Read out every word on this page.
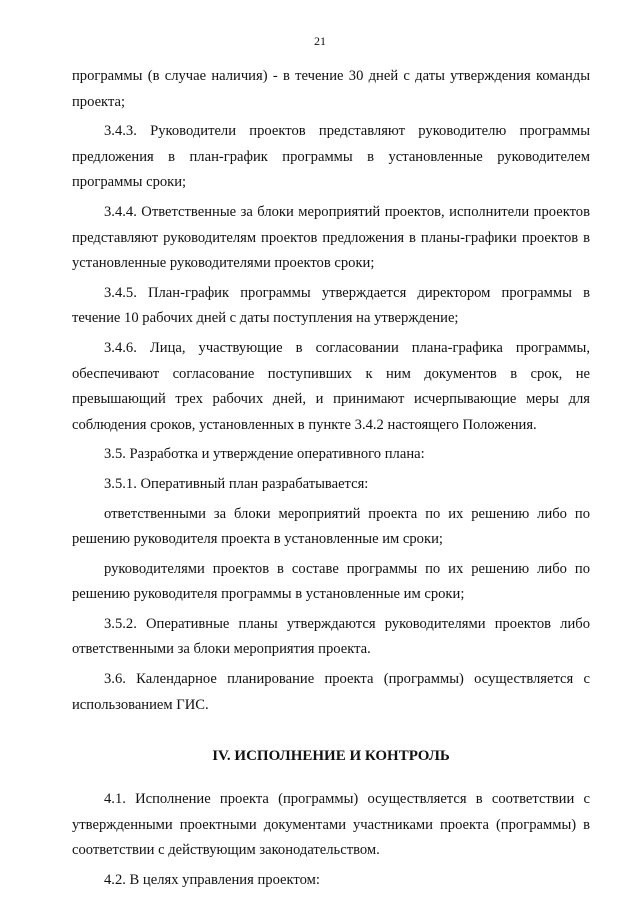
21

программы (в случае наличия) - в течение 30 дней с даты утверждения команды проекта;

3.4.3. Руководители проектов представляют руководителю программы предложения в план-график программы в установленные руководителем программы сроки;

3.4.4. Ответственные за блоки мероприятий проектов, исполнители проектов представляют руководителям проектов предложения в планы-графики проектов в установленные руководителями проектов сроки;

3.4.5. План-график программы утверждается директором программы в течение 10 рабочих дней с даты поступления на утверждение;

3.4.6. Лица, участвующие в согласовании плана-графика программы, обеспечивают согласование поступивших к ним документов в срок, не превышающий трех рабочих дней, и принимают исчерпывающие меры для соблюдения сроков, установленных в пункте 3.4.2 настоящего Положения.

3.5. Разработка и утверждение оперативного плана:

3.5.1. Оперативный план разрабатывается:

ответственными за блоки мероприятий проекта по их решению либо по решению руководителя проекта в установленные им сроки;

руководителями проектов в составе программы по их решению либо по решению руководителя программы в установленные им сроки;

3.5.2. Оперативные планы утверждаются руководителями проектов либо ответственными за блоки мероприятия проекта.

3.6. Календарное планирование проекта (программы) осуществляется с использованием ГИС.

IV. ИСПОЛНЕНИЕ И КОНТРОЛЬ

4.1. Исполнение проекта (программы) осуществляется в соответствии с утвержденными проектными документами участниками проекта (программы) в соответствии с действующим законодательством.

4.2. В целях управления проектом:
